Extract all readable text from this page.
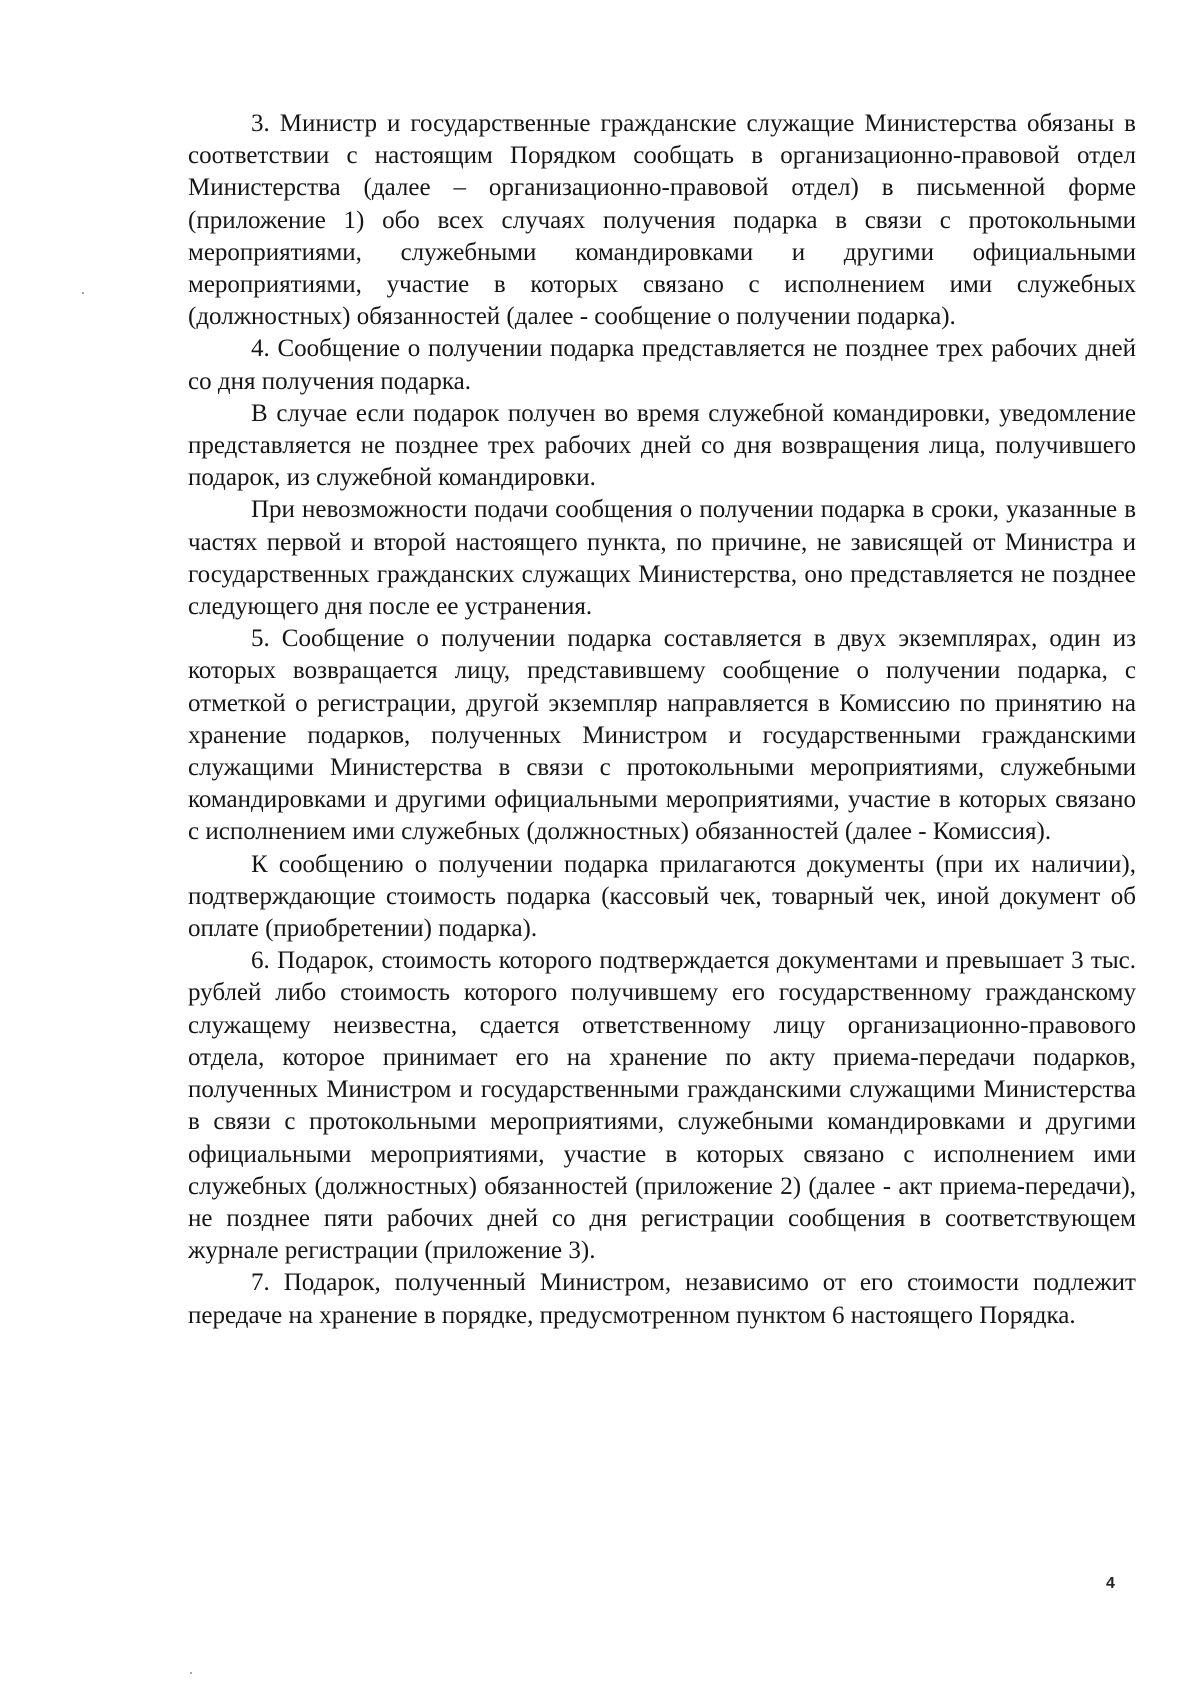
3. Министр и государственные гражданские служащие Министерства обязаны в соответствии с настоящим Порядком сообщать в организационно-правовой отдел Министерства (далее – организационно-правовой отдел) в письменной форме (приложение 1) обо всех случаях получения подарка в связи с протокольными мероприятиями, служебными командировками и другими официальными мероприятиями, участие в которых связано с исполнением ими служебных (должностных) обязанностей (далее - сообщение о получении подарка).

4. Сообщение о получении подарка представляется не позднее трех рабочих дней со дня получения подарка.

В случае если подарок получен во время служебной командировки, уведомление представляется не позднее трех рабочих дней со дня возвращения лица, получившего подарок, из служебной командировки.

При невозможности подачи сообщения о получении подарка в сроки, указанные в частях первой и второй настоящего пункта, по причине, не зависящей от Министра и государственных гражданских служащих Министерства, оно представляется не позднее следующего дня после ее устранения.

5. Сообщение о получении подарка составляется в двух экземплярах, один из которых возвращается лицу, представившему сообщение о получении подарка, с отметкой о регистрации, другой экземпляр направляется в Комиссию по принятию на хранение подарков, полученных Министром и государственными гражданскими служащими Министерства в связи с протокольными мероприятиями, служебными командировками и другими официальными мероприятиями, участие в которых связано с исполнением ими служебных (должностных) обязанностей (далее - Комиссия).

К сообщению о получении подарка прилагаются документы (при их наличии), подтверждающие стоимость подарка (кассовый чек, товарный чек, иной документ об оплате (приобретении) подарка).

6. Подарок, стоимость которого подтверждается документами и превышает 3 тыс. рублей либо стоимость которого получившему его государственному гражданскому служащему неизвестна, сдается ответственному лицу организационно-правового отдела, которое принимает его на хранение по акту приема-передачи подарков, полученных Министром и государственными гражданскими служащими Министерства в связи с протокольными мероприятиями, служебными командировками и другими официальными мероприятиями, участие в которых связано с исполнением ими служебных (должностных) обязанностей (приложение 2) (далее - акт приема-передачи), не позднее пяти рабочих дней со дня регистрации сообщения в соответствующем журнале регистрации (приложение 3).

7. Подарок, полученный Министром, независимо от его стоимости подлежит передаче на хранение в порядке, предусмотренном пунктом 6 настоящего Порядка.

4
